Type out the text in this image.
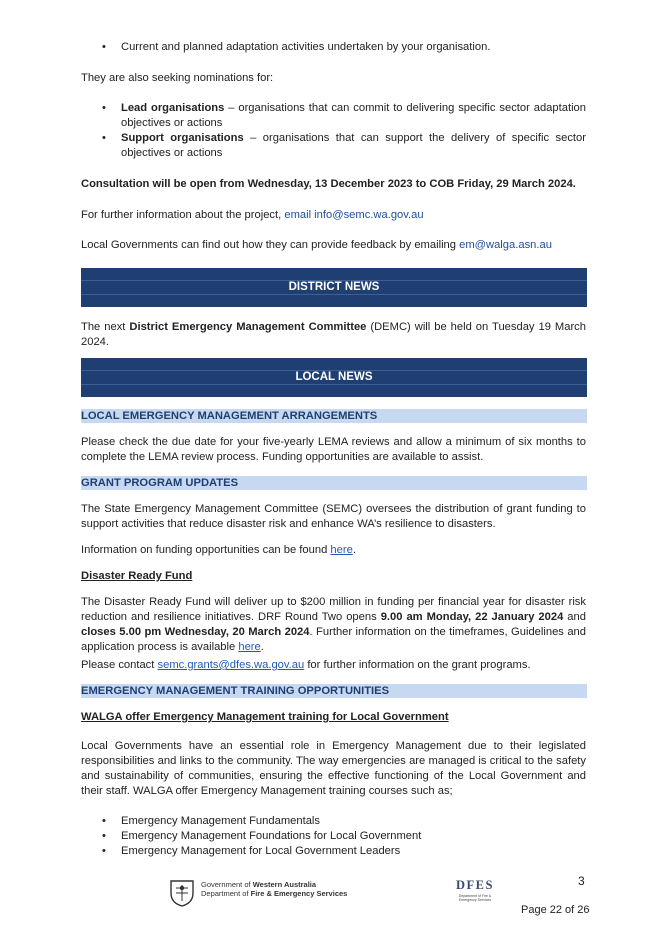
• Current and planned adaptation activities undertaken by your organisation.

They are also seeking nominations for:

• Lead organisations – organisations that can commit to delivering specific sector adaptation objectives or actions
• Support organisations – organisations that can support the delivery of specific sector objectives or actions

Consultation will be open from Wednesday, 13 December 2023 to COB Friday, 29 March 2024.

For further information about the project, email info@semc.wa.gov.au

Local Governments can find out how they can provide feedback by emailing em@walga.asn.au

DISTRICT NEWS

The next District Emergency Management Committee (DEMC) will be held on Tuesday 19 March 2024.

LOCAL NEWS
LOCAL EMERGENCY MANAGEMENT ARRANGEMENTS

Please check the due date for your five-yearly LEMA reviews and allow a minimum of six months to complete the LEMA review process. Funding opportunities are available to assist.

GRANT PROGRAM UPDATES

The State Emergency Management Committee (SEMC) oversees the distribution of grant funding to support activities that reduce disaster risk and enhance WA’s resilience to disasters.

Information on funding opportunities can be found here.

Disaster Ready Fund

The Disaster Ready Fund will deliver up to $200 million in funding per financial year for disaster risk reduction and resilience initiatives. DRF Round Two opens 9.00 am Monday, 22 January 2024 and closes 5.00 pm Wednesday, 20 March 2024. Further information on the timeframes, Guidelines and application process is available here.

Please contact semc.grants@dfes.wa.gov.au for further information on the grant programs.

EMERGENCY MANAGEMENT TRAINING OPPORTUNITIES

WALGA offer Emergency Management training for Local Government

Local Governments have an essential role in Emergency Management due to their legislated responsibilities and links to the community. The way emergencies are managed is critical to the safety and sustainability of communities, ensuring the effective functioning of the Local Government and their staff. WALGA offer Emergency Management training courses such as;

• Emergency Management Fundamentals
• Emergency Management Foundations for Local Government
• Emergency Management for Local Government Leaders
Government of Western Australia
Department of Fire & Emergency Services
DFES
Department of Fire & Emergency Services
3
Page 22 of 26
